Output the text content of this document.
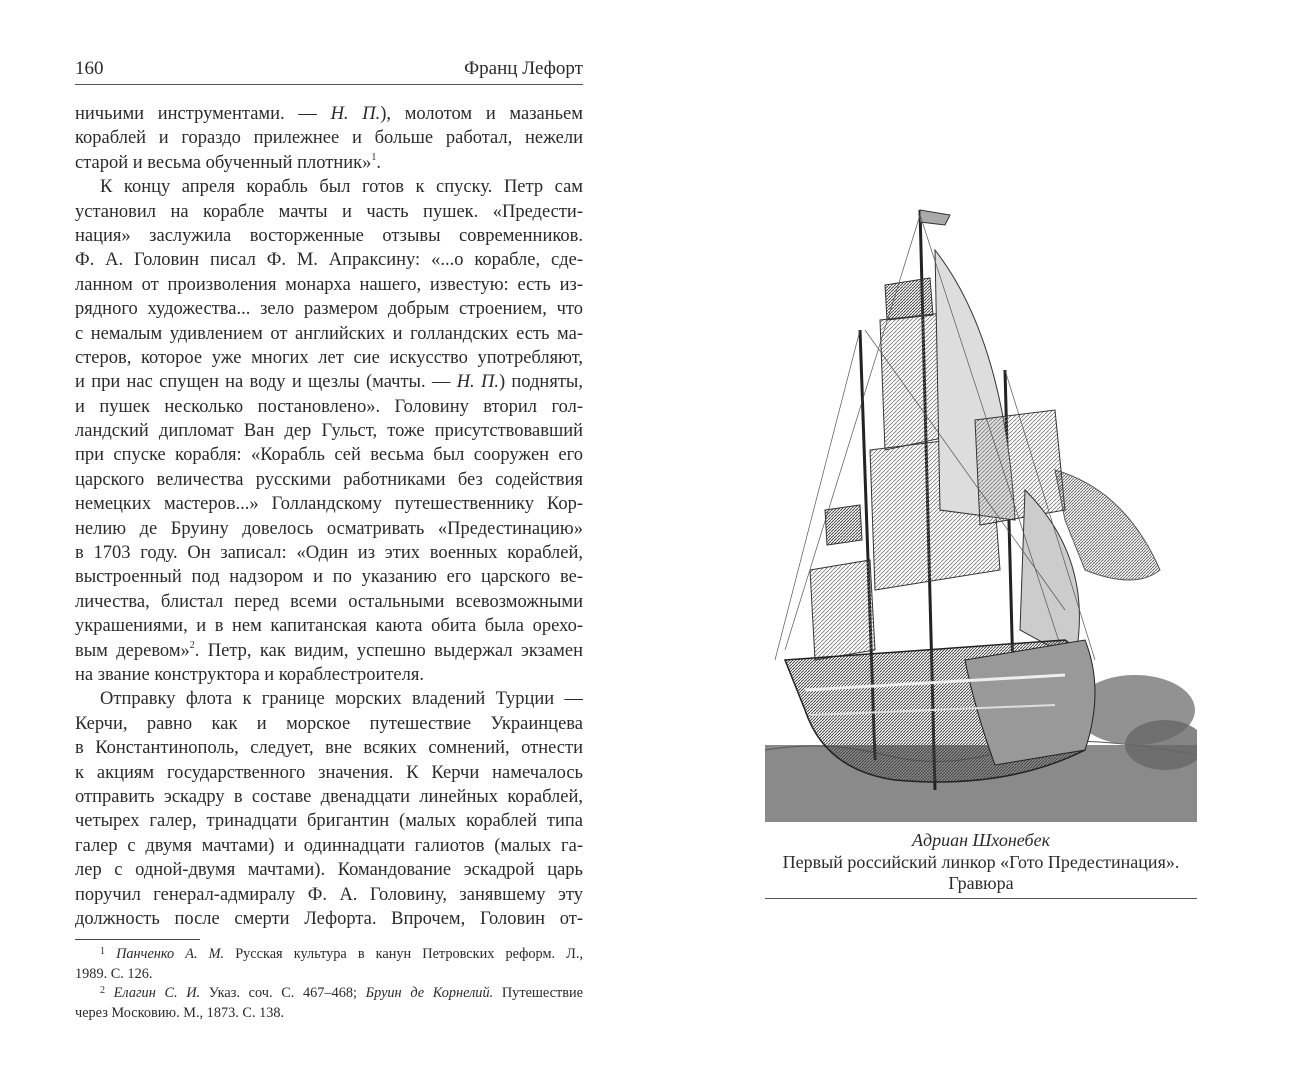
160	Франц Лефорт
ничьими инструментами. — Н. П.), молотом и мазаньем
кораблей и гораздо прилежнее и больше работал, нежели
старой и весьма обученный плотник»$^1$.
К концу апреля корабль был готов к спуску. Петр сам
установил на корабле мачты и часть пушек. «Предести-
нация» заслужила восторженные отзывы современников.
Ф. А. Головин писал Ф. М. Апраксину: «...о корабле, сде-
ланном от произволения монарха нашего, известую: есть из-
рядного художества... зело размером добрым строением, что
с немалым удивлением от английских и голландских есть ма-
стеров, которое уже многих лет сие искусство употребляют,
и при нас спущен на воду и щезлы (мачты. — Н. П.) подняты,
и пушек несколько постановлено». Головину вторил гол-
ландский дипломат Ван дер Гульст, тоже присутствовавший
при спуске корабля: «Корабль сей весьма был сооружен его
царского величества русскими работниками без содействия
немецких мастеров...» Голландскому путешественнику Кор-
нелию де Бруину довелось осматривать «Предестинацию»
в 1703 году. Он записал: «Один из этих военных кораблей,
выстроенный под надзором и по указанию его царского ве-
личества, блистал перед всеми остальными всевозможными
украшениями, и в нем капитанская каюта обита была орехо-
вым деревом»$^2$. Петр, как видим, успешно выдержал экзамен
на звание конструктора и кораблестроителя.
Отправку флота к границе морских владений Турции —
Керчи, равно как и морское путешествие Украинцева
в Константинополь, следует, вне всяких сомнений, отнести
к акциям государственного значения. К Керчи намечалось
отправить эскадру в составе двенадцати линейных кораблей,
четырех галер, тринадцати бригантин (малых кораблей типа
галер с двумя мачтами) и одиннадцати галиотов (малых га-
лер с одной-двумя мачтами). Командование эскадрой царь
поручил генерал-адмиралу Ф. А. Головину, занявшему эту
должность после смерти Лефорта. Впрочем, Головин от-
$^1$ Панченко А. М. Русская культура в канун Петровских реформ. Л.,
1989. С. 126.
$^2$ Елагин С. И. Указ. соч. С. 467–468; Бруин де Корнелий. Путешествие
через Московию. М., 1873. С. 138.
Адриан Шхонебек
Первый российский линкор «Гото Предестинация».
Гравюра
